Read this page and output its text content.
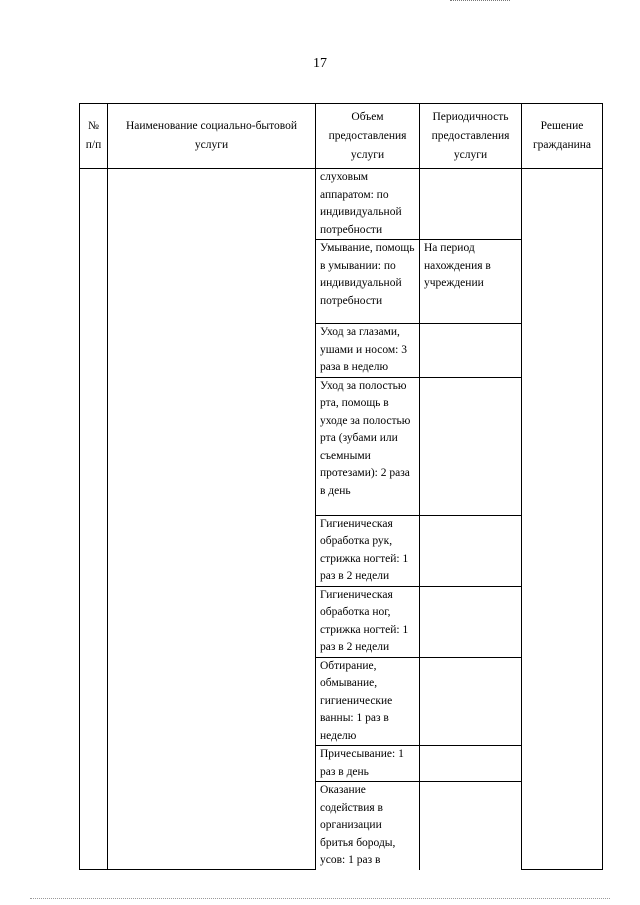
17
№ п/п	Наименование социально-бытовой услуги	Объем предоставления услуги	Периодичность предоставления услуги	Решение гражданина
		слуховым аппаратом: по индивидуальной потребности		
		Умывание, помощь в умывании: по индивидуальной потребности	На период нахождения в учреждении	
		Уход за глазами, ушами и носом: 3 раза в неделю		
		Уход за полостью рта, помощь в уходе за полостью рта (зубами или съемными протезами): 2 раза в день		
		Гигиеническая обработка рук, стрижка ногтей: 1 раз в 2 недели		
		Гигиеническая обработка ног, стрижка ногтей: 1 раз в 2 недели		
		Обтирание, обмывание, гигиенические ванны: 1 раз в неделю		
		Причесывание: 1 раз в день		
		Оказание содействия в организации бритья бороды, усов: 1 раз в		
